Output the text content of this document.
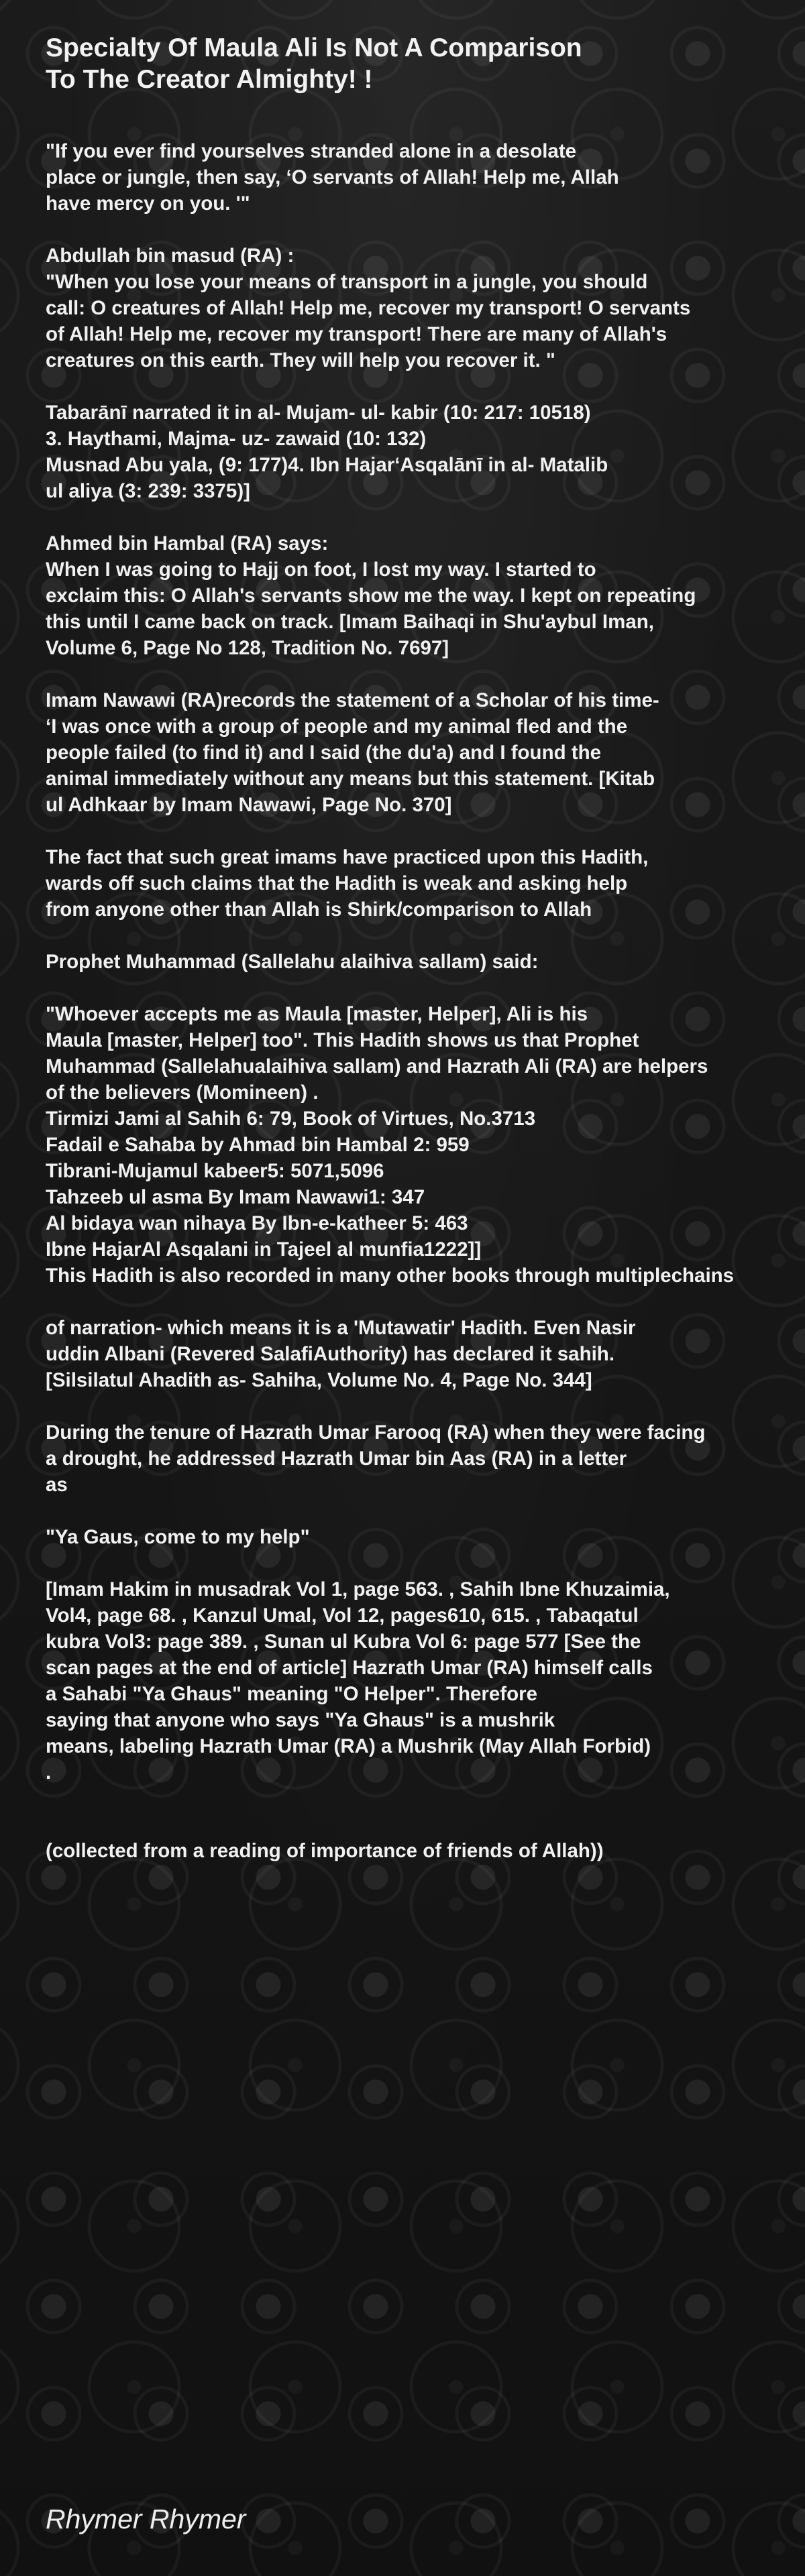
Specialty Of Maula Ali Is Not A Comparison
To The Creator Almighty! !
"If you ever find yourselves stranded alone in a desolate
place or jungle, then say, ‘O servants of Allah! Help me, Allah
have mercy on you. '"

Abdullah bin masud (RA) :
"When you lose your means of transport in a jungle, you should
call: O creatures of Allah! Help me, recover my transport! O servants
of Allah! Help me, recover my transport! There are many of Allah's
creatures on this earth. They will help you recover it. "

Tabarānī narrated it in al- Mujam- ul- kabir (10: 217: 10518)
3. Haythami, Majma- uz- zawaid (10: 132)
Musnad Abu yala, (9: 177)4. Ibn Hajar‘Asqalānī in al- Matalib
ul aliya (3: 239: 3375)]

Ahmed bin Hambal (RA) says:
When I was going to Hajj on foot, I lost my way. I started to
exclaim this: O Allah's servants show me the way. I kept on repeating
this until I came back on track. [Imam Baihaqi in Shu'aybul Iman,
Volume 6, Page No 128, Tradition No. 7697]

Imam Nawawi (RA)records the statement of a Scholar of his time-
‘I was once with a group of people and my animal fled and the
people failed (to find it) and I said (the du'a) and I found the
animal immediately without any means but this statement. [Kitab
ul Adhkaar by Imam Nawawi, Page No. 370]

The fact that such great imams have practiced upon this Hadith,
wards off such claims that the Hadith is weak and asking help
from anyone other than Allah is Shirk/comparison to Allah

Prophet Muhammad (Sallelahu alaihiva sallam) said:

"Whoever accepts me as Maula [master, Helper], Ali is his
Maula [master, Helper] too". This Hadith shows us that Prophet
Muhammad (Sallelahualaihiva sallam) and Hazrath Ali (RA) are helpers
of the believers (Momineen) .
Tirmizi Jami al Sahih 6: 79, Book of Virtues, No.3713
Fadail e Sahaba by Ahmad bin Hambal 2: 959
Tibrani-Mujamul kabeer5: 5071,5096
Tahzeeb ul asma By Imam Nawawi1: 347
Al bidaya wan nihaya By Ibn-e-katheer 5: 463
Ibne HajarAl Asqalani in Tajeel al munfia1222]]
This Hadith is also recorded in many other books through multiplechains

of narration- which means it is a 'Mutawatir' Hadith. Even Nasir
uddin Albani (Revered SalafiAuthority) has declared it sahih.
[Silsilatul Ahadith as- Sahiha, Volume No. 4, Page No. 344]

During the tenure of Hazrath Umar Farooq (RA) when they were facing
a drought, he addressed Hazrath Umar bin Aas (RA) in a letter
as

"Ya Gaus, come to my help"

[Imam Hakim in musadrak Vol 1, page 563. , Sahih Ibne Khuzaimia,
Vol4, page 68. , Kanzul Umal, Vol 12, pages610, 615. , Tabaqatul
kubra Vol3: page 389. , Sunan ul Kubra Vol 6: page 577 [See the
scan pages at the end of article] Hazrath Umar (RA) himself calls
a Sahabi "Ya Ghaus" meaning "O Helper". Therefore
saying that anyone who says "Ya Ghaus" is a mushrik
means, labeling Hazrath Umar (RA) a Mushrik (May Allah Forbid)
.

(collected from a reading of importance of friends of Allah))
Rhymer Rhymer
